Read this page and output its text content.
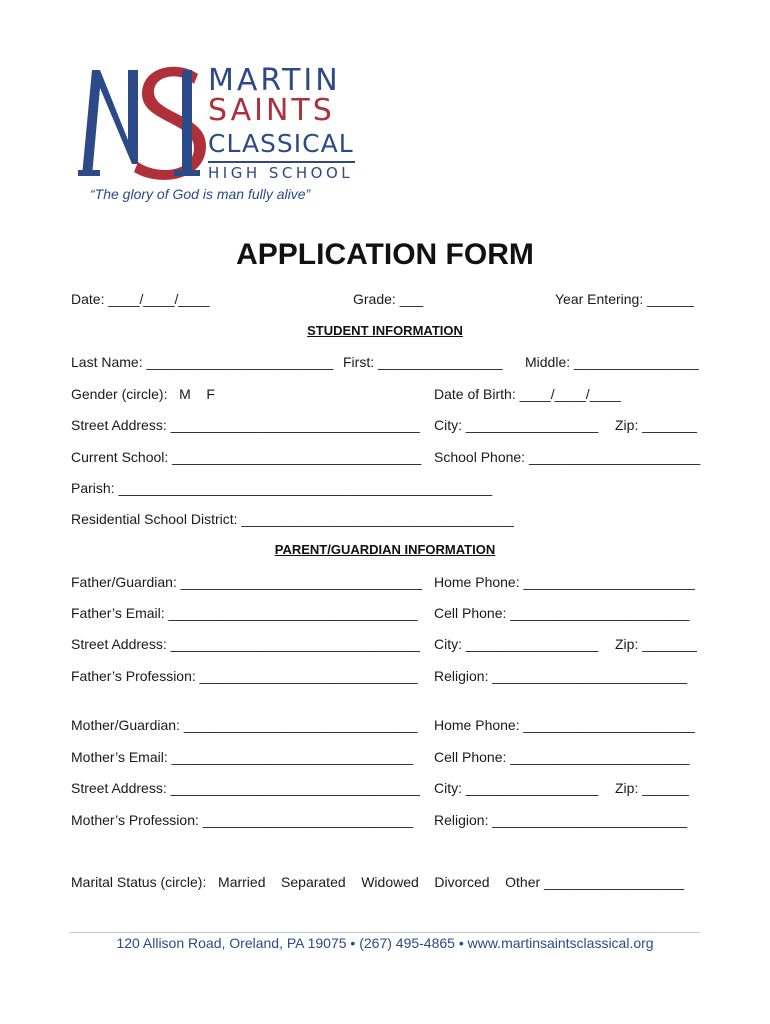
MS	MARTIN
SAINTS
CLASSICAL
HIGH SCHOOL
“The glory of God is man fully alive”
APPLICATION FORM
Date: ____/____/____	Grade: ___	Year Entering: ______
STUDENT INFORMATION
Last Name: ________________________ First: ________________ Middle: ________________
Gender (circle):   M    F	Date of Birth: ____/____/____
Street Address: ________________________________ City: _________________ Zip: _______
Current School: ________________________________ School Phone: ______________________
Parish: ________________________________________________
Residential School District: ___________________________________
PARENT/GUARDIAN INFORMATION
Father/Guardian: _______________________________ Home Phone: ______________________
Father’s Email: ________________________________ Cell Phone: _______________________
Street Address: ________________________________ City: _________________ Zip: _______
Father’s Profession: ____________________________ Religion: _________________________
Mother/Guardian: ______________________________ Home Phone: ______________________
Mother’s Email: _______________________________ Cell Phone: _______________________
Street Address: ________________________________ City: _________________ Zip: ______
Mother’s Profession: ___________________________ Religion: _________________________
Marital Status (circle):   Married    Separated    Widowed    Divorced    Other __________________
120 Allison Road, Oreland, PA 19075 • (267) 495-4865 • www.martinsaintsclassical.org
